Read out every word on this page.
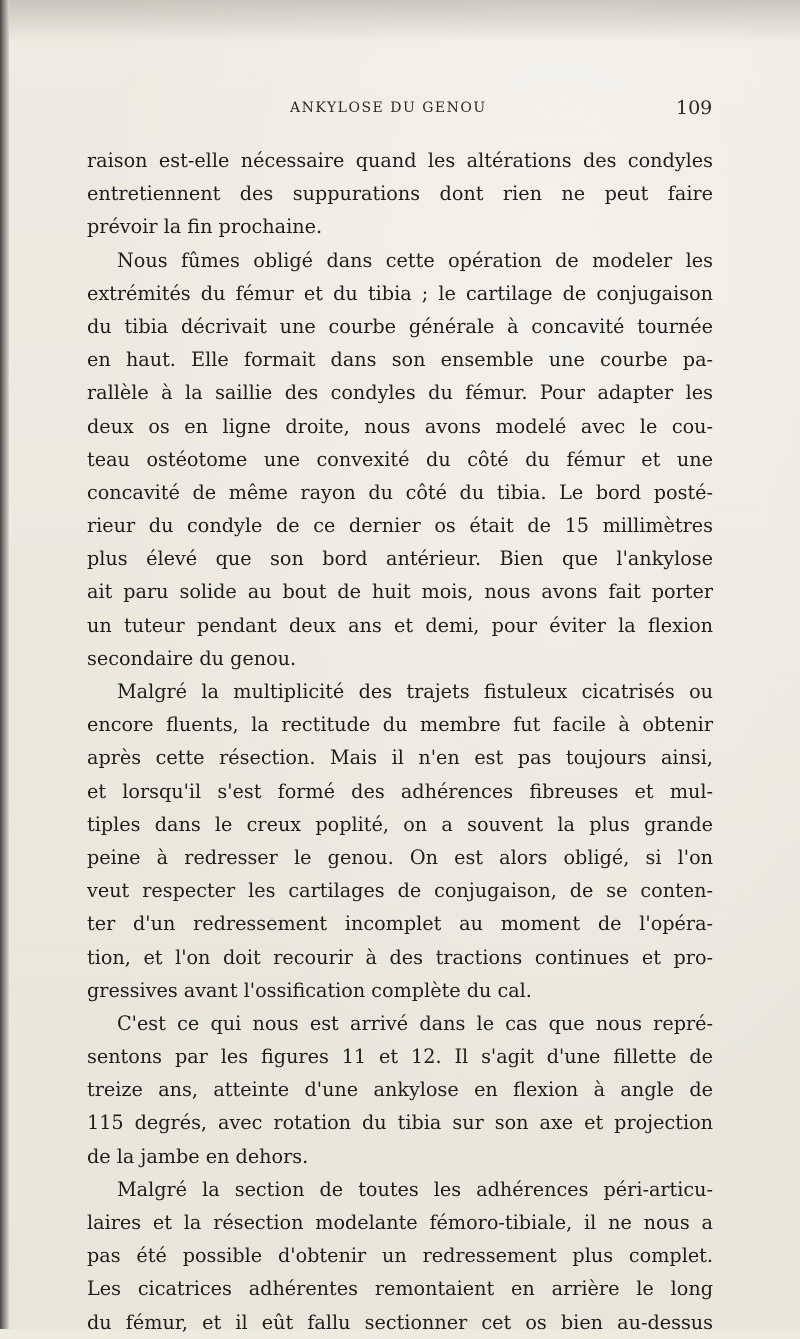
ANKYLOSE DU GENOU	109
raison est-elle nécessaire quand les altérations des condyles
entretiennent des suppurations dont rien ne peut faire
prévoir la fin prochaine.
Nous fûmes obligé dans cette opération de modeler les
extrémités du fémur et du tibia ; le cartilage de conjugaison
du tibia décrivait une courbe générale à concavité tournée
en haut. Elle formait dans son ensemble une courbe pa-
rallèle à la saillie des condyles du fémur. Pour adapter les
deux os en ligne droite, nous avons modelé avec le cou-
teau ostéotome une convexité du côté du fémur et une
concavité de même rayon du côté du tibia. Le bord posté-
rieur du condyle de ce dernier os était de 15 millimètres
plus élevé que son bord antérieur. Bien que l'ankylose
ait paru solide au bout de huit mois, nous avons fait porter
un tuteur pendant deux ans et demi, pour éviter la flexion
secondaire du genou.
Malgré la multiplicité des trajets fistuleux cicatrisés ou
encore fluents, la rectitude du membre fut facile à obtenir
après cette résection. Mais il n'en est pas toujours ainsi,
et lorsqu'il s'est formé des adhérences fibreuses et mul-
tiples dans le creux poplité, on a souvent la plus grande
peine à redresser le genou. On est alors obligé, si l'on
veut respecter les cartilages de conjugaison, de se conten-
ter d'un redressement incomplet au moment de l'opéra-
tion, et l'on doit recourir à des tractions continues et pro-
gressives avant l'ossification complète du cal.
C'est ce qui nous est arrivé dans le cas que nous repré-
sentons par les figures 11 et 12. Il s'agit d'une fillette de
treize ans, atteinte d'une ankylose en flexion à angle de
115 degrés, avec rotation du tibia sur son axe et projection
de la jambe en dehors.
Malgré la section de toutes les adhérences péri-articu-
laires et la résection modelante fémoro-tibiale, il ne nous a
pas été possible d'obtenir un redressement plus complet.
Les cicatrices adhérentes remontaient en arrière le long
du fémur, et il eût fallu sectionner cet os bien au-dessus
